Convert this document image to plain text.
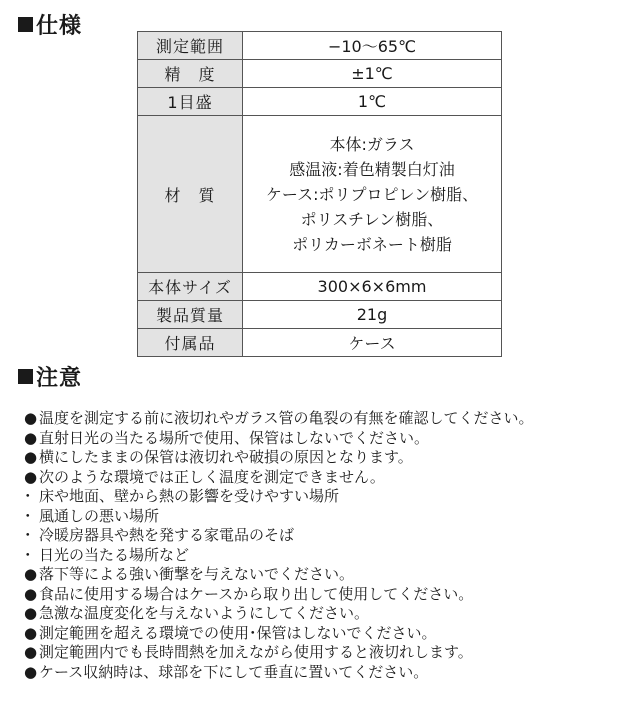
仕様
測定範囲	−10〜65℃
精　度	±1℃
1目盛	1℃
材　質	本体:ガラス
感温液:着色精製白灯油
ケース:ポリプロピレン樹脂、
ポリスチレン樹脂、
ポリカーボネート樹脂

本体サイズ	300×6×6mm
製品質量	21g
付属品	ケース
注意
● 温度を測定する前に液切れやガラス管の亀裂の有無を確認してください。
● 直射日光の当たる場所で使用、保管はしないでください。
● 横にしたままの保管は液切れや破損の原因となります。
● 次のような環境では正しく温度を測定できません。
･ 床や地面、壁から熱の影響を受けやすい場所
･ 風通しの悪い場所
･ 冷暖房器具や熱を発する家電品のそば
･ 日光の当たる場所など
● 落下等による強い衝撃を与えないでください。
● 食品に使用する場合はケースから取り出して使用してください。
● 急激な温度変化を与えないようにしてください。
● 測定範囲を超える環境での使用･保管はしないでください。
● 測定範囲内でも長時間熱を加えながら使用すると液切れします。
● ケース収納時は、球部を下にして垂直に置いてください。
